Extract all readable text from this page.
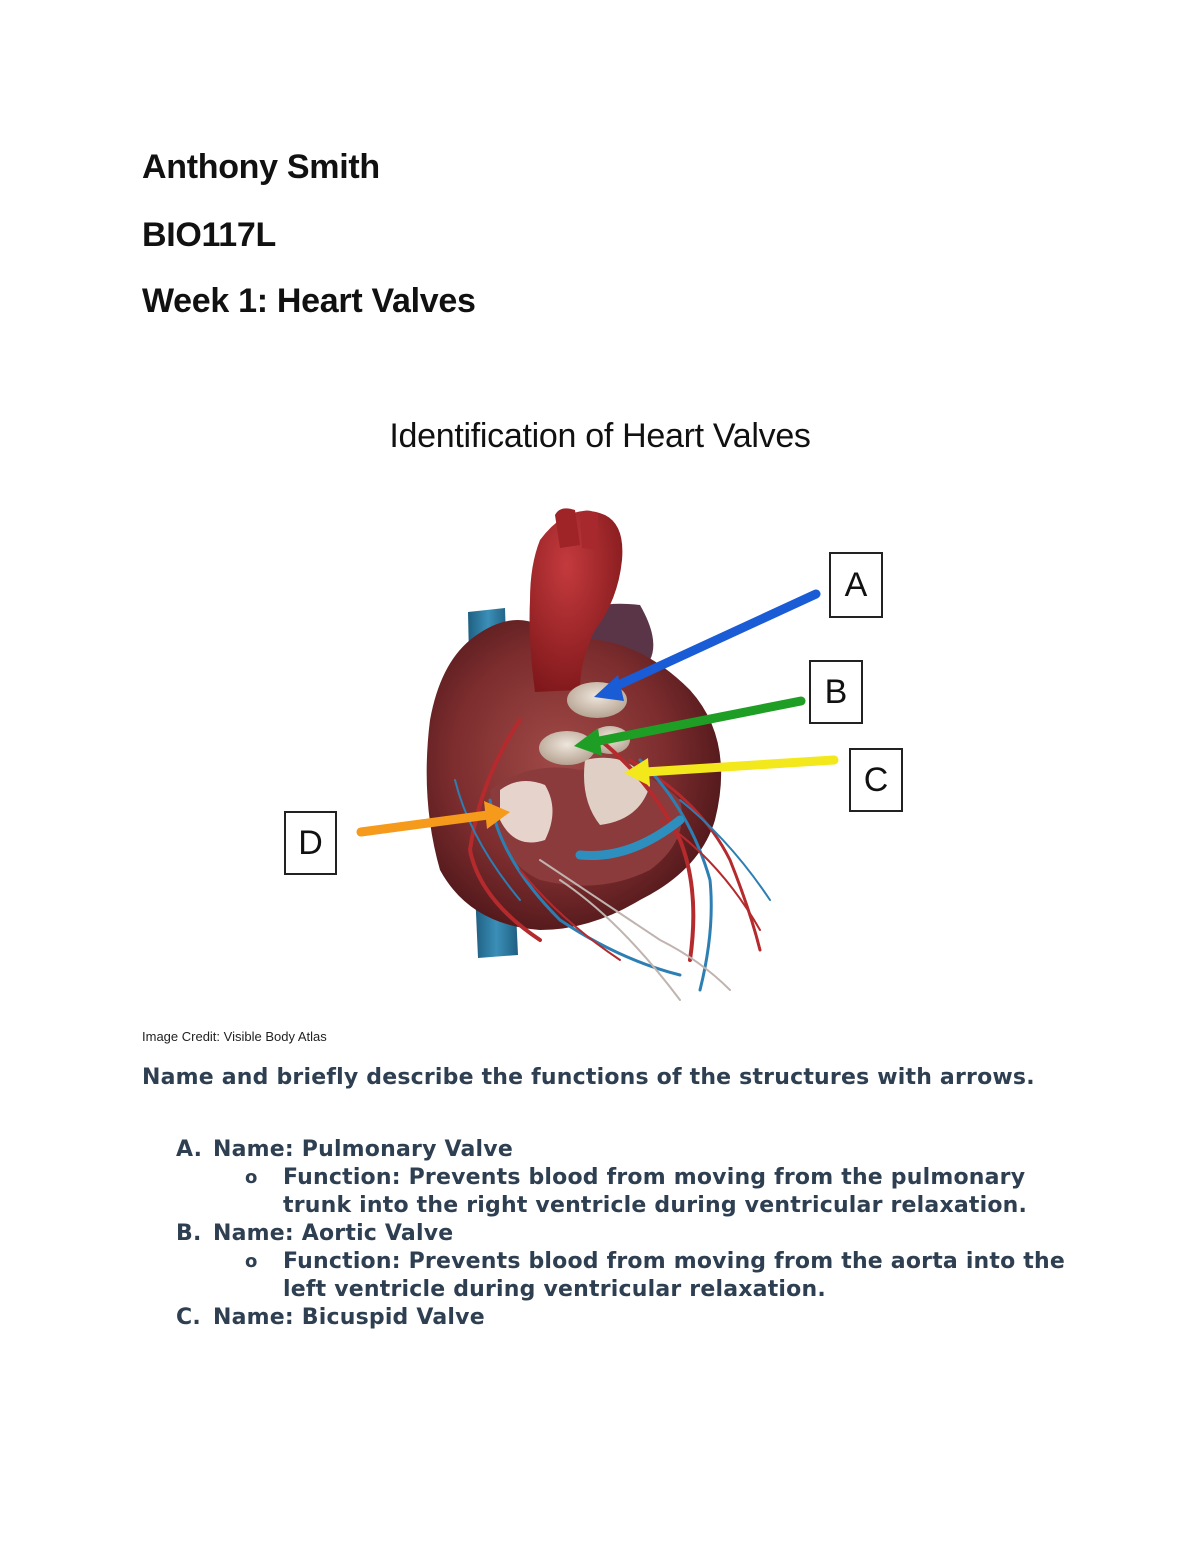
Anthony Smith
BIO117L
Week 1: Heart Valves
Identification of Heart Valves
A
B
C
D

Image Credit: Visible Body Atlas

Name and briefly describe the functions of the structures with arrows.

A. Name: Pulmonary Valve
o Function: Prevents blood from moving from the pulmonary trunk into the right ventricle during ventricular relaxation.
B. Name: Aortic Valve
o Function: Prevents blood from moving from the aorta into the left ventricle during ventricular relaxation.
C. Name: Bicuspid Valve
